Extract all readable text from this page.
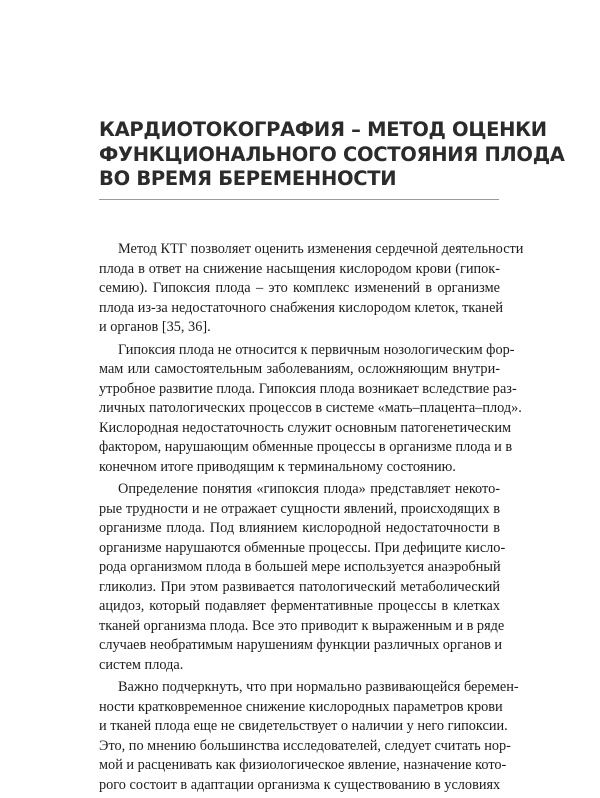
КАРДИОТОКОГРАФИЯ – МЕТОД ОЦЕНКИ
ФУНКЦИОНАЛЬНОГО СОСТОЯНИЯ ПЛОДА
ВО ВРЕМЯ БЕРЕМЕННОСТИ

Метод КТГ позволяет оценить изменения сердечной деятельности
плода в ответ на снижение насыщения кислородом крови (гипок-
семию). Гипоксия плода – это комплекс изменений в организме
плода из-за недостаточного снабжения кислородом клеток, тканей
и органов [35, 36].

Гипоксия плода не относится к первичным нозологическим фор-
мам или самостоятельным заболеваниям, осложняющим внутри-
утробное развитие плода. Гипоксия плода возникает вследствие раз-
личных патологических процессов в системе «мать–плацента–плод».
Кислородная недостаточность служит основным патогенетическим
фактором, нарушающим обменные процессы в организме плода и в
конечном итоге приводящим к терминальному состоянию.

Определение понятия «гипоксия плода» представляет некото-
рые трудности и не отражает сущности явлений, происходящих в
организме плода. Под влиянием кислородной недостаточности в
организме нарушаются обменные процессы. При дефиците кисло-
рода организмом плода в большей мере используется анаэробный
гликолиз. При этом развивается патологический метаболический
ацидоз, который подавляет ферментативные процессы в клетках
тканей организма плода. Все это приводит к выраженным и в ряде
случаев необратимым нарушениям функции различных органов и
систем плода.

Важно подчеркнуть, что при нормально развивающейся беремен-
ности кратковременное снижение кислородных параметров крови
и тканей плода еще не свидетельствует о наличии у него гипоксии.
Это, по мнению большинства исследователей, следует считать нор-
мой и расценивать как физиологическое явление, назначение кото-
рого состоит в адаптации организма к существованию в условиях
